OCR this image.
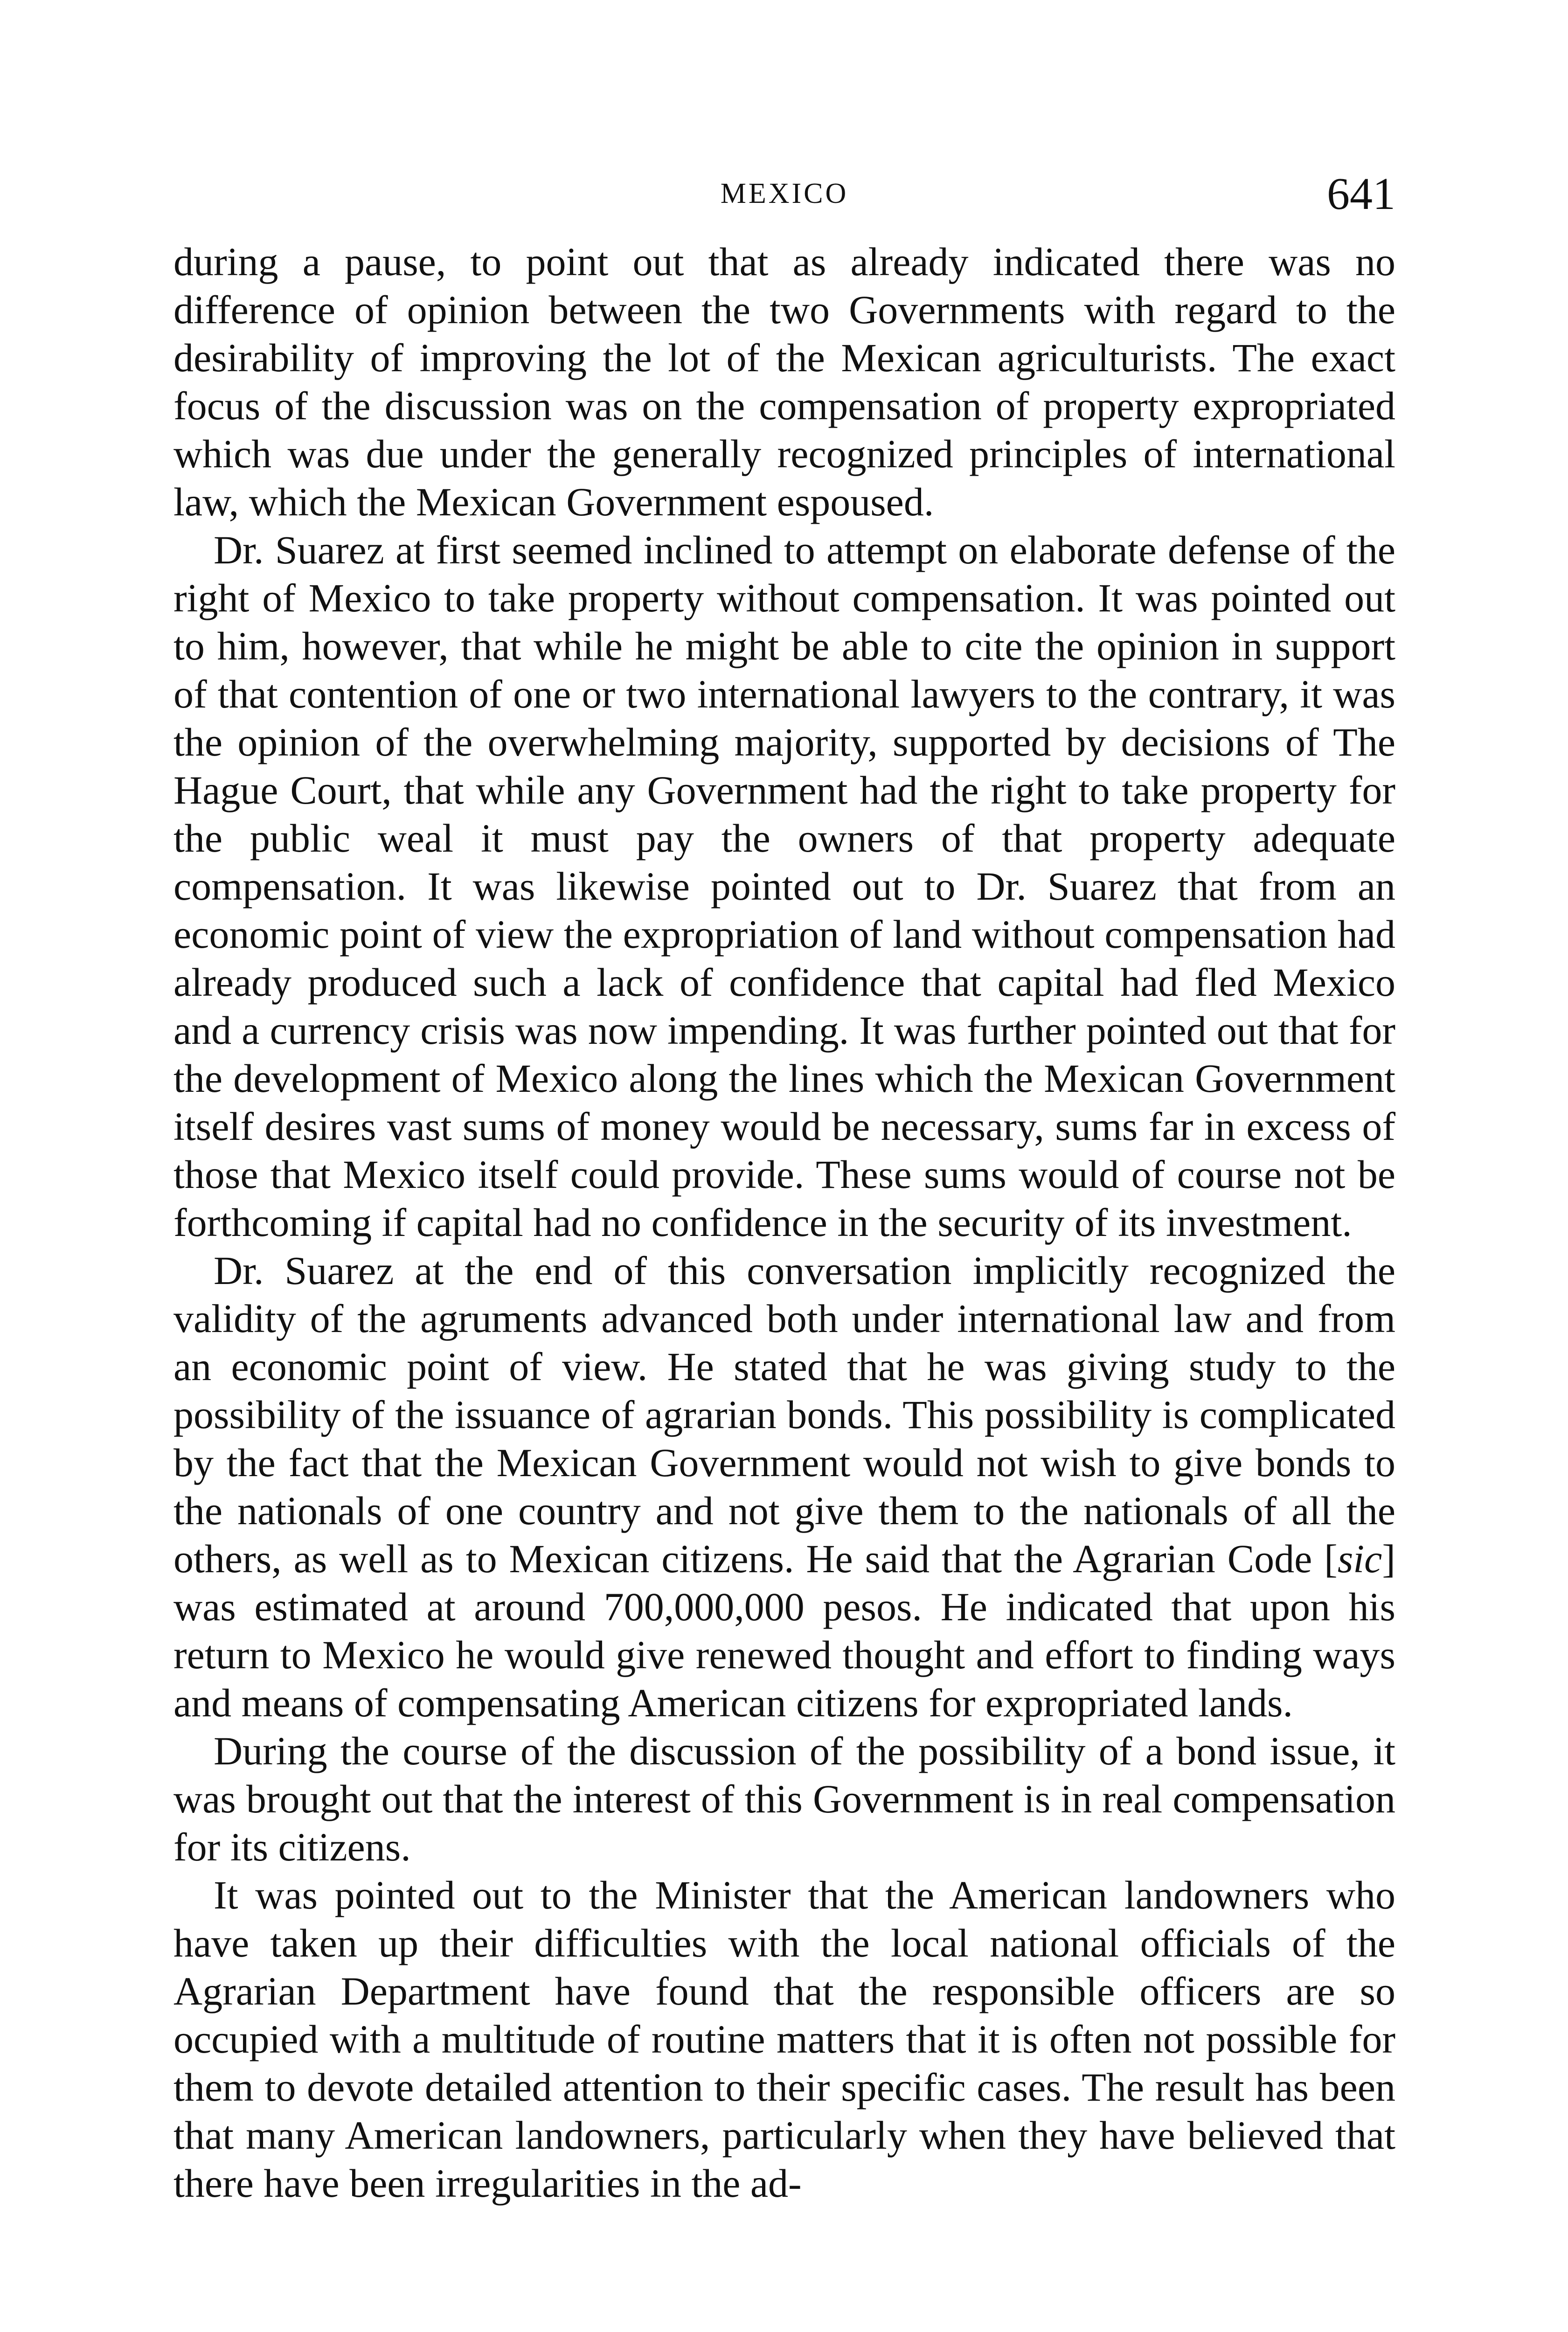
MEXICO	641

during a pause, to point out that as already indicated there was no difference of opinion between the two Governments with regard to the desirability of improving the lot of the Mexican agriculturists. The exact focus of the discussion was on the compensation of property expropriated which was due under the generally recognized principles of international law, which the Mexican Government espoused.

Dr. Suarez at first seemed inclined to attempt on elaborate defense of the right of Mexico to take property without compensation. It was pointed out to him, however, that while he might be able to cite the opinion in support of that contention of one or two international lawyers to the contrary, it was the opinion of the overwhelming majority, supported by decisions of The Hague Court, that while any Government had the right to take property for the public weal it must pay the owners of that property adequate compensation. It was likewise pointed out to Dr. Suarez that from an economic point of view the expropriation of land without compensation had already produced such a lack of confidence that capital had fled Mexico and a currency crisis was now impending. It was further pointed out that for the development of Mexico along the lines which the Mexican Government itself desires vast sums of money would be necessary, sums far in excess of those that Mexico itself could provide. These sums would of course not be forthcoming if capital had no confidence in the security of its investment.

Dr. Suarez at the end of this conversation implicitly recognized the validity of the agruments advanced both under international law and from an economic point of view. He stated that he was giving study to the possibility of the issuance of agrarian bonds. This possibility is complicated by the fact that the Mexican Government would not wish to give bonds to the nationals of one country and not give them to the nationals of all the others, as well as to Mexican citizens. He said that the Agrarian Code [sic] was estimated at around 700,000,000 pesos. He indicated that upon his return to Mexico he would give renewed thought and effort to finding ways and means of compensating American citizens for expropriated lands.

During the course of the discussion of the possibility of a bond issue, it was brought out that the interest of this Government is in real compensation for its citizens.

It was pointed out to the Minister that the American landowners who have taken up their difficulties with the local national officials of the Agrarian Department have found that the responsible officers are so occupied with a multitude of routine matters that it is often not possible for them to devote detailed attention to their specific cases. The result has been that many American landowners, particularly when they have believed that there have been irregularities in the ad-
